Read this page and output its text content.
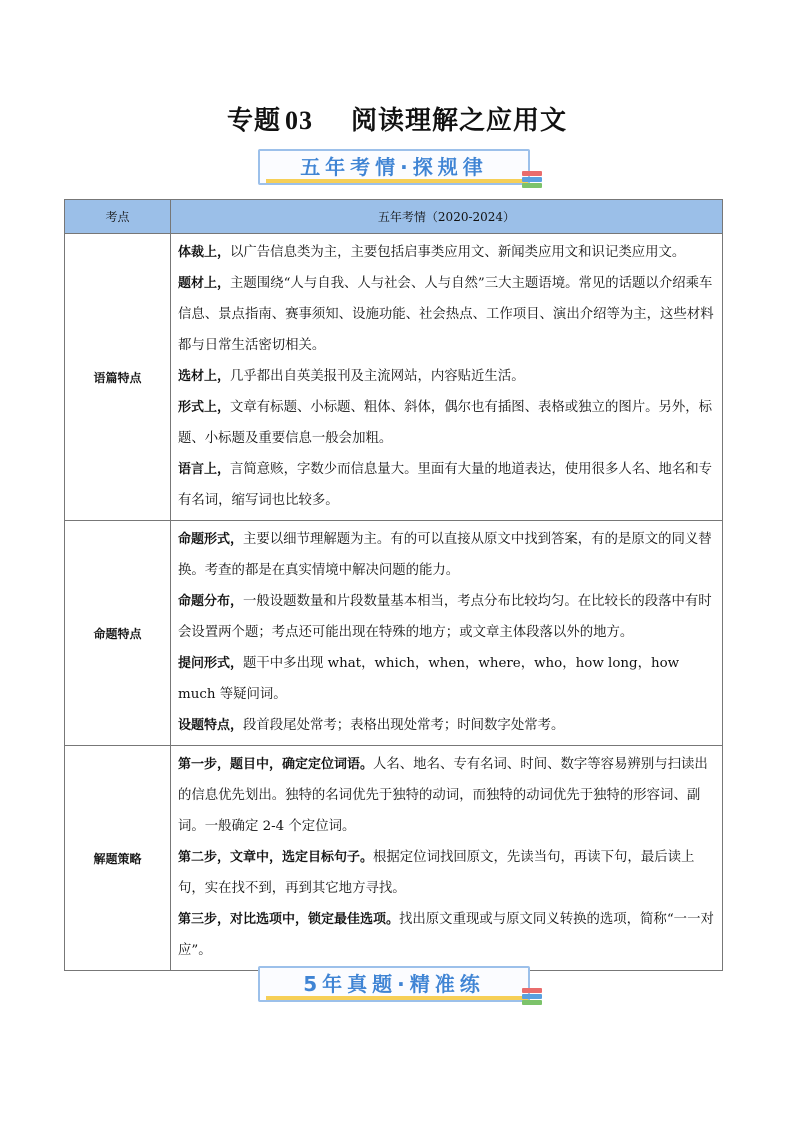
专题 03 阅读理解之应用文
五年考情·探规律
考点	五年考情（2020-2024）
语篇特点	体裁上，以广告信息类为主，主要包括启事类应用文、新闻类应用文和识记类应用文。

题材上，主题围绕“人与自我、人与社会、人与自然”三大主题语境。常见的话题以介绍乘车信息、景点指南、赛事须知、设施功能、社会热点、工作项目、演出介绍等为主，这些材料都与日常生活密切相关。

选材上，几乎都出自英美报刊及主流网站，内容贴近生活。

形式上，文章有标题、小标题、粗体、斜体，偶尔也有插图、表格或独立的图片。另外，标题、小标题及重要信息一般会加粗。

语言上，言简意赅，字数少而信息量大。里面有大量的地道表达，使用很多人名、地名和专有名词，缩写词也比较多。

命题特点	命题形式，主要以细节理解题为主。有的可以直接从原文中找到答案，有的是原文的同义替换。考查的都是在真实情境中解决问题的能力。

命题分布，一般设题数量和片段数量基本相当，考点分布比较均匀。在比较长的段落中有时会设置两个题；考点还可能出现在特殊的地方；或文章主体段落以外的地方。

提问形式，题干中多出现 what，which，when，where，who，how long，how much 等疑问词。

设题特点，段首段尾处常考；表格出现处常考；时间数字处常考。

解题策略	第一步，题目中，确定定位词语。人名、地名、专有名词、时间、数字等容易辨别与扫读出的信息优先划出。独特的名词优先于独特的动词，而独特的动词优先于独特的形容词、副词。一般确定 2-4 个定位词。

第二步，文章中，选定目标句子。根据定位词找回原文，先读当句，再读下句，最后读上句，实在找不到，再到其它地方寻找。

第三步，对比选项中，锁定最佳选项。找出原文重现或与原文同义转换的选项，简称“一一对应”。

5年真题·精准练
